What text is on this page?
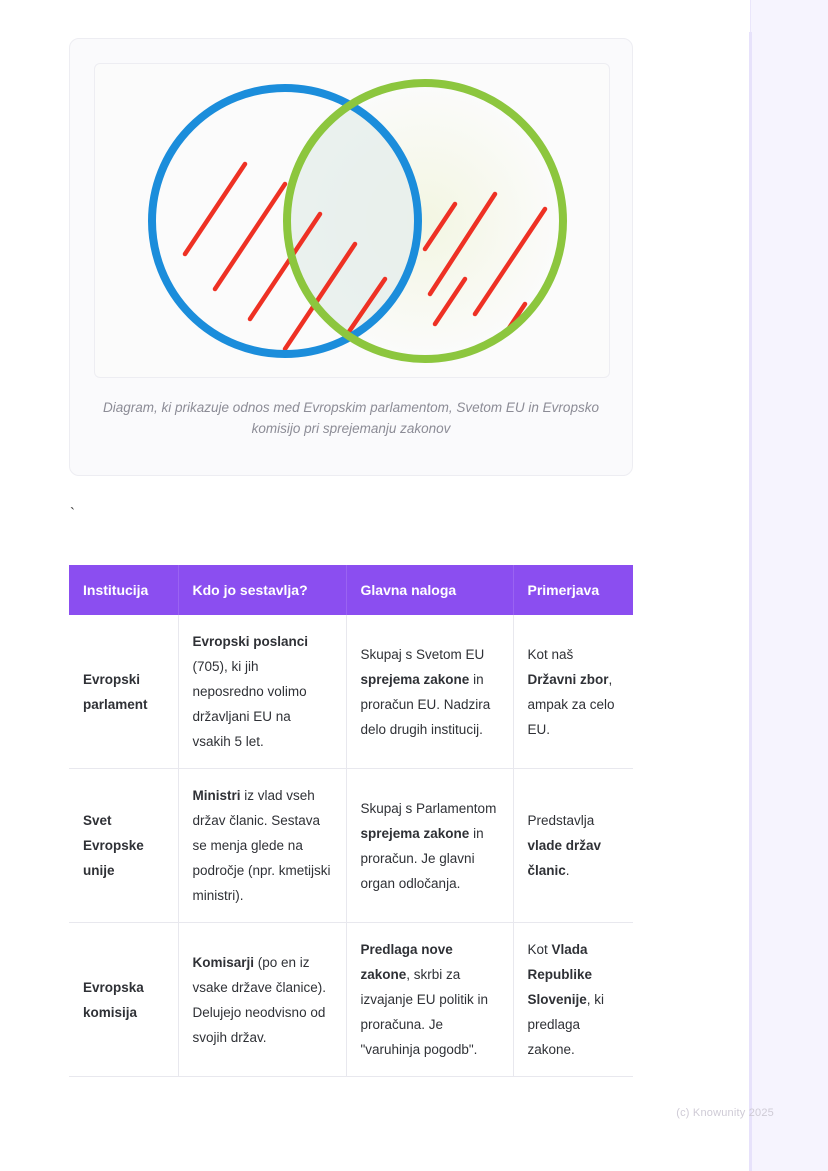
Diagram, ki prikazuje odnos med Evropskim parlamentom, Svetom EU in Evropsko komisijo pri sprejemanju zakonov
`
Institucija	Kdo jo sestavlja?	Glavna naloga	Primerjava
Evropski parlament	Evropski poslanci (705), ki jih neposredno volimo državljani EU na vsakih 5 let.	Skupaj s Svetom EU sprejema zakone in proračun EU. Nadzira delo drugih institucij.	Kot naš Državni zbor, ampak za celo EU.
Svet Evropske unije	Ministri iz vlad vseh držav članic. Sestava se menja glede na področje (npr. kmetijski ministri).	Skupaj s Parlamentom sprejema zakone in proračun. Je glavni organ odločanja.	Predstavlja vlade držav članic.
Evropska komisija	Komisarji (po en iz vsake države članice). Delujejo neodvisno od svojih držav.	Predlaga nove zakone, skrbi za izvajanje EU politik in proračuna. Je "varuhinja pogodb".	Kot Vlada Republike Slovenije, ki predlaga zakone.
(c) Knowunity 2025
